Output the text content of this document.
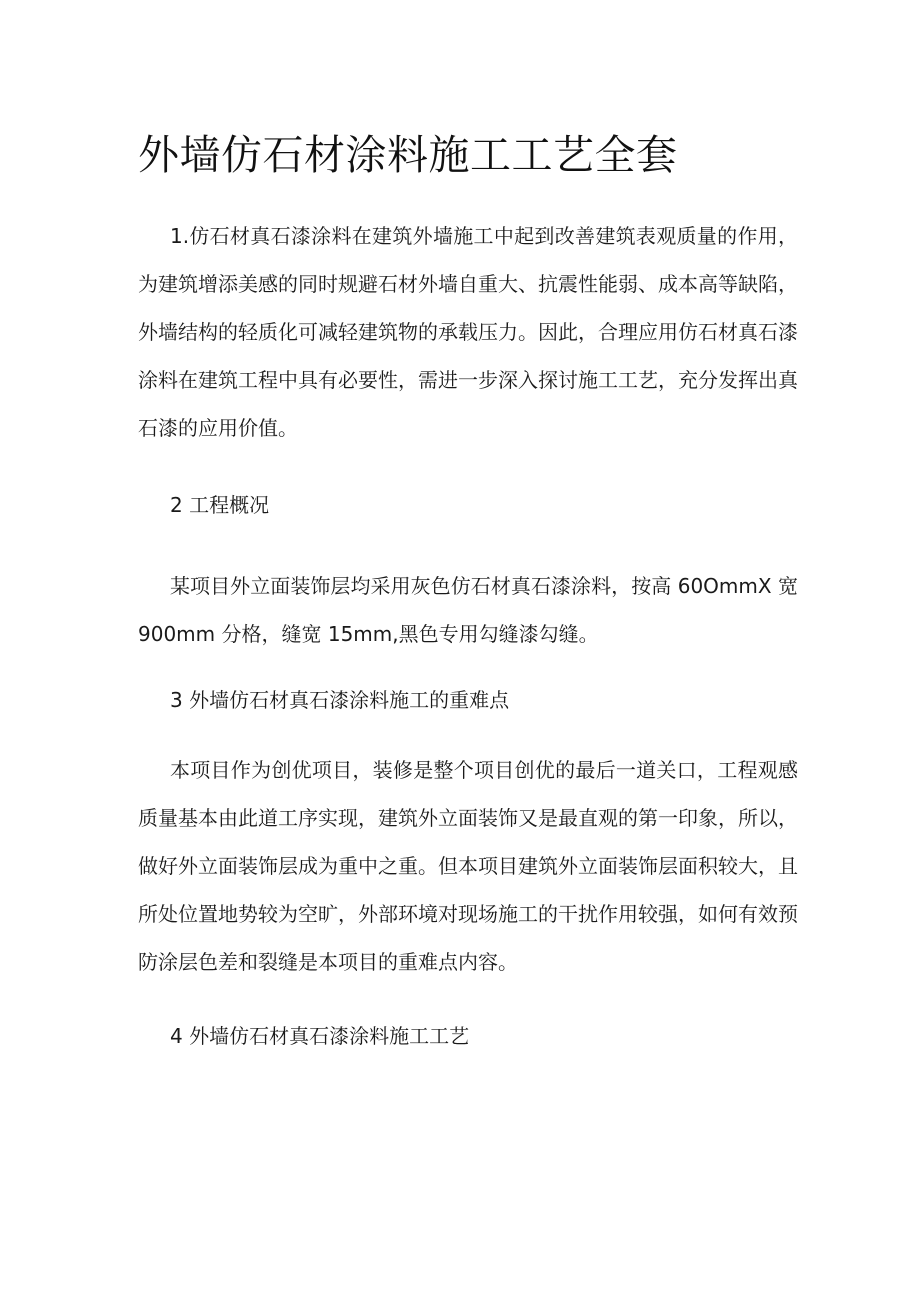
外墙仿石材涂料施工工艺全套

1.仿石材真石漆涂料在建筑外墙施工中起到改善建筑表观质量的作用，为建筑增添美感的同时规避石材外墙自重大、抗震性能弱、成本高等缺陷，外墙结构的轻质化可减轻建筑物的承载压力。因此，合理应用仿石材真石漆涂料在建筑工程中具有必要性，需进一步深入探讨施工工艺，充分发挥出真石漆的应用价值。

2 工程概况

某项目外立面装饰层均采用灰色仿石材真石漆涂料，按高 60OmmX 宽 900mm 分格，缝宽 15mm,黑色专用勾缝漆勾缝。

3 外墙仿石材真石漆涂料施工的重难点

本项目作为创优项目，装修是整个项目创优的最后一道关口，工程观感质量基本由此道工序实现，建筑外立面装饰又是最直观的第一印象，所以，做好外立面装饰层成为重中之重。但本项目建筑外立面装饰层面积较大，且所处位置地势较为空旷，外部环境对现场施工的干扰作用较强，如何有效预防涂层色差和裂缝是本项目的重难点内容。

4 外墙仿石材真石漆涂料施工工艺
